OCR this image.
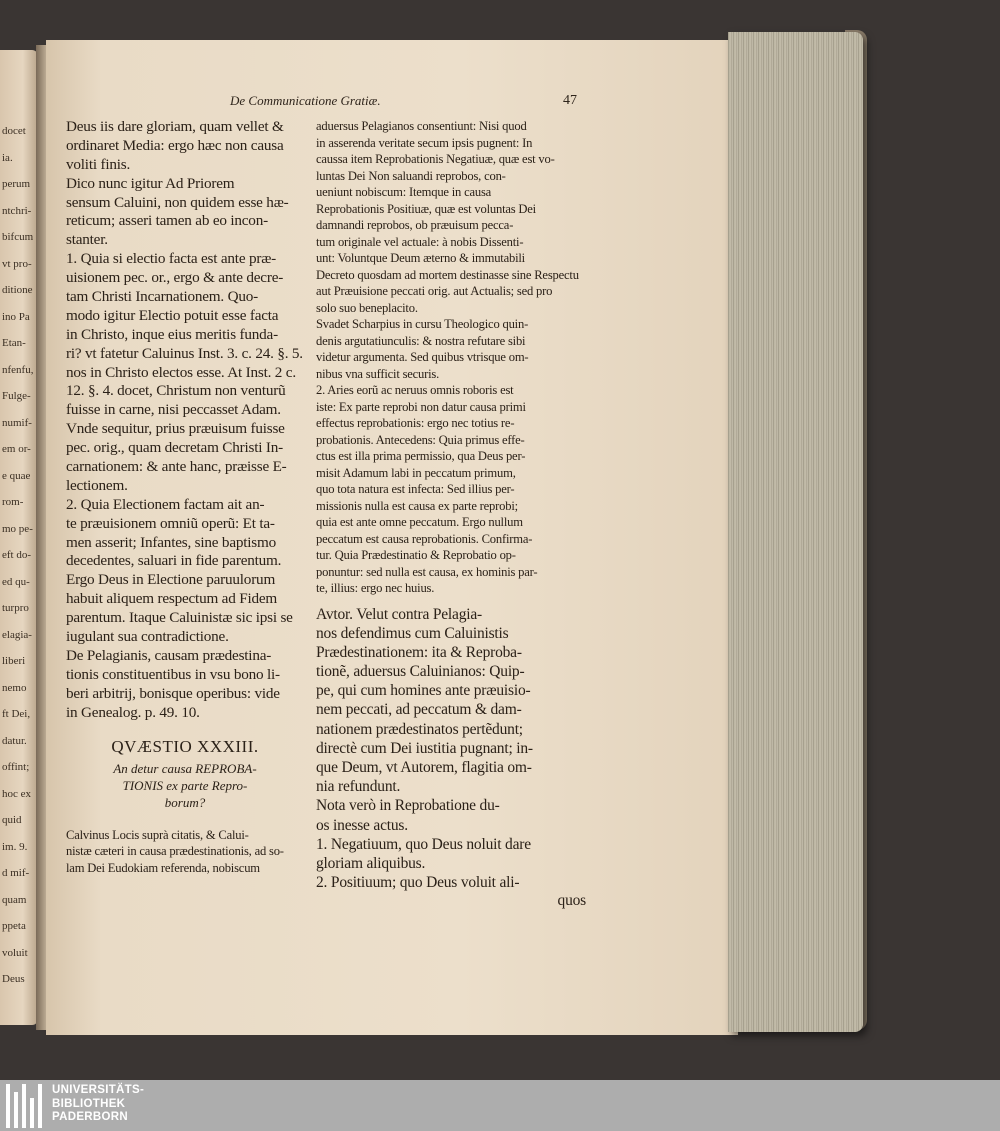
docet
ia.
perum
ntchri-
bifcum
vt pro-
ditione
ino Pa
Etan-
nfenfu,
Fulge-
numif-
em or-
e quae
rom-
mo pe-
eft do-
ed qu-
turpro
elagia-
liberi
nemo
ft Dei,
datur.
offint;
hoc ex
quid
im. 9.
d mif-
quam
ppeta
voluit
Deus
De Communicatione Gratiæ.	47
Deus iis dare gloriam, quam vellet &
ordinaret Media: ergo hæc non causa
voliti finis.
Dico nunc igitur Ad Priorem
sensum Caluini, non quidem esse hæ-
reticum; asseri tamen ab eo incon-
stanter.
1. Quia si electio facta est ante præ-
uisionem pec. or., ergo & ante decre-
tam Christi Incarnationem. Quo-
modo igitur Electio potuit esse facta
in Christo, inque eius meritis funda-
ri? vt fatetur Caluinus Inst. 3. c. 24. §. 5.
nos in Christo electos esse. At Inst. 2 c.
12. §. 4. docet, Christum non venturũ
fuisse in carne, nisi peccasset Adam.
Vnde sequitur, prius præuisum fuisse
pec. orig., quam decretam Christi In-
carnationem: & ante hanc, præisse E-
lectionem.
2. Quia Electionem factam ait an-
te præuisionem omniũ operũ: Et ta-
men asserit; Infantes, sine baptismo
decedentes, saluari in fide parentum.
Ergo Deus in Electione paruulorum
habuit aliquem respectum ad Fidem
parentum. Itaque Caluinistæ sic ipsi se
iugulant sua contradictione.
De Pelagianis, causam prædestina-
tionis constituentibus in vsu bono li-
beri arbitrij, bonisque operibus: vide
in Genealog. p. 49. 10.
QVÆSTIO XXXIII.
An detur causa REPROBA-
TIONIS ex parte Repro-
borum?
Calvinus Locis suprà citatis, & Calui-
nistæ cæteri in causa prædestinationis, ad so-
lam Dei Eudokiam referenda, nobiscum
aduersus Pelagianos consentiunt: Nisi quod
in asserenda veritate secum ipsis pugnent: In
caussa item Reprobationis Negatiuæ, quæ est vo-
luntas Dei Non saluandi reprobos, con-
ueniunt nobiscum: Itemque in causa
Reprobationis Positiuæ, quæ est voluntas Dei
damnandi reprobos, ob præuisum pecca-
tum originale vel actuale: à nobis Dissenti-
unt: Voluntque Deum æterno & immutabili
Decreto quosdam ad mortem destinasse sine Respectu
aut Præuisione peccati orig. aut Actualis; sed pro
solo suo beneplacito.
Svadet Scharpius in cursu Theologico quin-
denis argutatiunculis: & nostra refutare sibi
videtur argumenta. Sed quibus vtrisque om-
nibus vna sufficit securis.
2. Aries eorũ ac neruus omnis roboris est
iste: Ex parte reprobi non datur causa primi
effectus reprobationis: ergo nec totius re-
probationis. Antecedens: Quia primus effe-
ctus est illa prima permissio, qua Deus per-
misit Adamum labi in peccatum primum,
quo tota natura est infecta: Sed illius per-
missionis nulla est causa ex parte reprobi;
quia est ante omne peccatum. Ergo nullum
peccatum est causa reprobationis. Confirma-
tur. Quia Prædestinatio & Reprobatio op-
ponuntur: sed nulla est causa, ex hominis par-
te, illius: ergo nec huius.
Avtor. Velut contra Pelagia-
nos defendimus cum Caluinistis
Prædestinationem: ita & Reproba-
tionẽ, aduersus Caluinianos: Quip-
pe, qui cum homines ante præuisio-
nem peccati, ad peccatum & dam-
nationem prædestinatos pertẽdunt;
directè cum Dei iustitia pugnant; in-
que Deum, vt Autorem, flagitia om-
nia refundunt.
Nota verò in Reprobatione du-
os inesse actus.
1. Negatiuum, quo Deus noluit dare
gloriam aliquibus.
2. Positiuum; quo Deus voluit ali-
quos
UNIVERSITÄTS-
BIBLIOTHEK
PADERBORN
